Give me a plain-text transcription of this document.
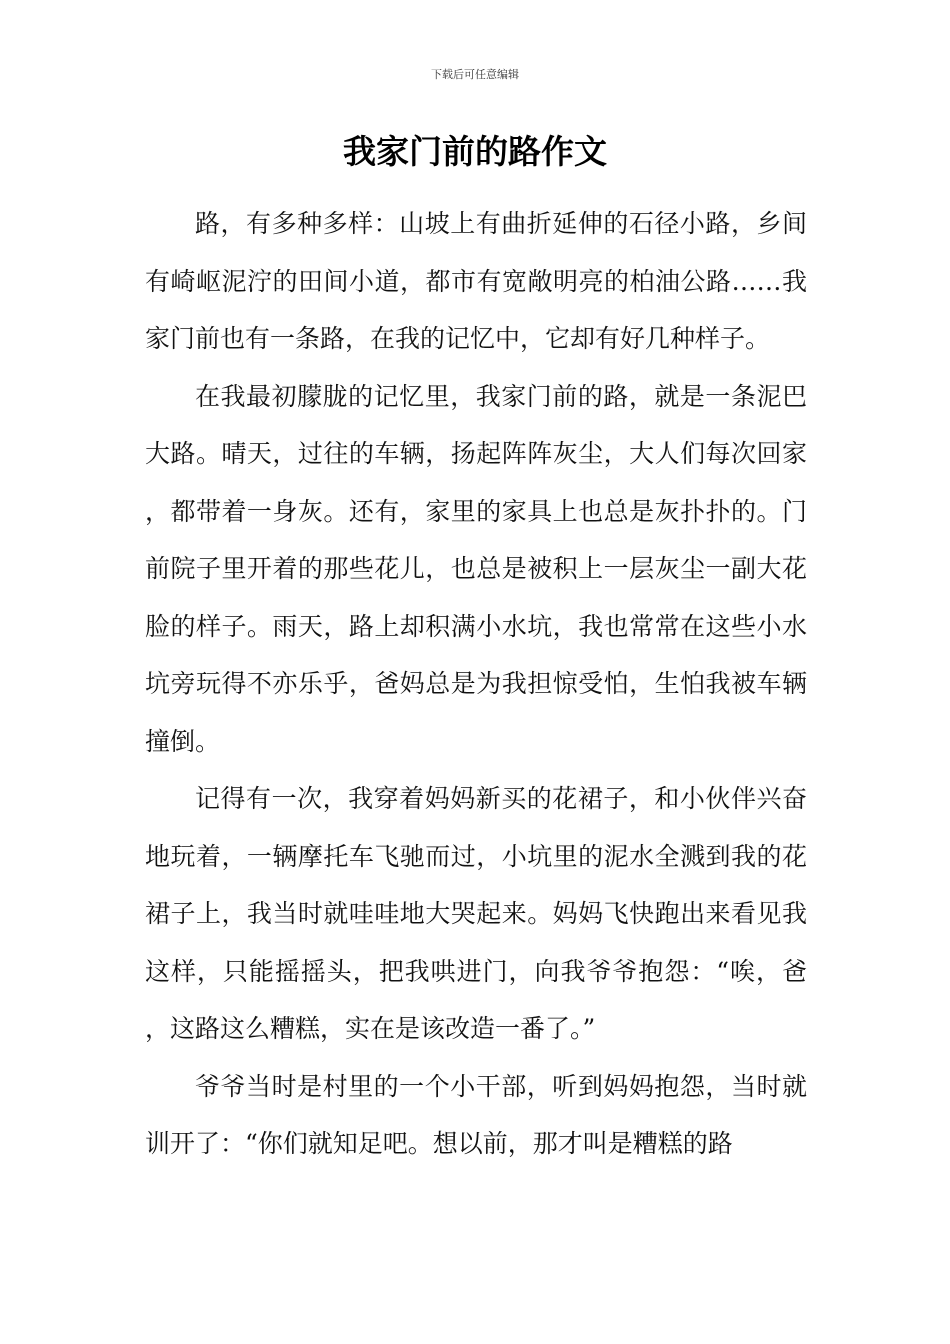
下载后可任意编辑
我家门前的路作文

路，有多种多样：山坡上有曲折延伸的石径小路，乡间有崎岖泥泞的田间小道，都市有宽敞明亮的柏油公路……我家门前也有一条路，在我的记忆中，它却有好几种样子。

在我最初朦胧的记忆里，我家门前的路，就是一条泥巴大路。晴天，过往的车辆，扬起阵阵灰尘，大人们每次回家，都带着一身灰。还有，家里的家具上也总是灰扑扑的。门前院子里开着的那些花儿，也总是被积上一层灰尘一副大花脸的样子。雨天，路上却积满小水坑，我也常常在这些小水坑旁玩得不亦乐乎，爸妈总是为我担惊受怕，生怕我被车辆撞倒。

记得有一次，我穿着妈妈新买的花裙子，和小伙伴兴奋地玩着，一辆摩托车飞驰而过，小坑里的泥水全溅到我的花裙子上，我当时就哇哇地大哭起来。妈妈飞快跑出来看见我这样，只能摇摇头，把我哄进门，向我爷爷抱怨：“唉，爸，这路这么糟糕，实在是该改造一番了。”

爷爷当时是村里的一个小干部，听到妈妈抱怨，当时就训开了：“你们就知足吧。想以前，那才叫是糟糕的路
